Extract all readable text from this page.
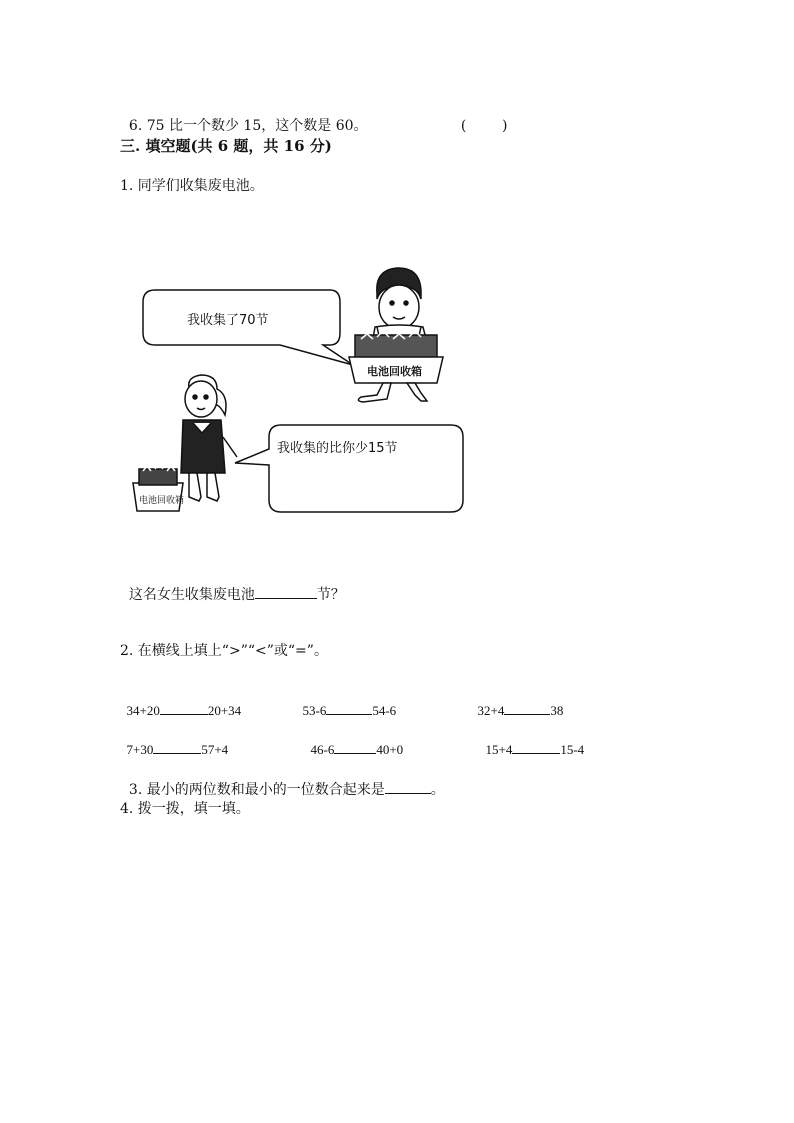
6. 75 比一个数少 15，这个数是 60。	(        )

三. 填空题(共 6 题，共 16 分)
1. 同学们收集废电池。
我收集了70节
电池回收箱
电池回收箱
我收集的比你少15节

这名女生收集废电池	节？

2. 在横线上填上“>”“<”或“=”。

34+20	20+34	53-6	54-6	32+4	38

7+30	57+4	46-6	40+0	15+4	15-4

3. 最小的两位数和最小的一位数合起来是	。

4. 拨一拨，填一填。
